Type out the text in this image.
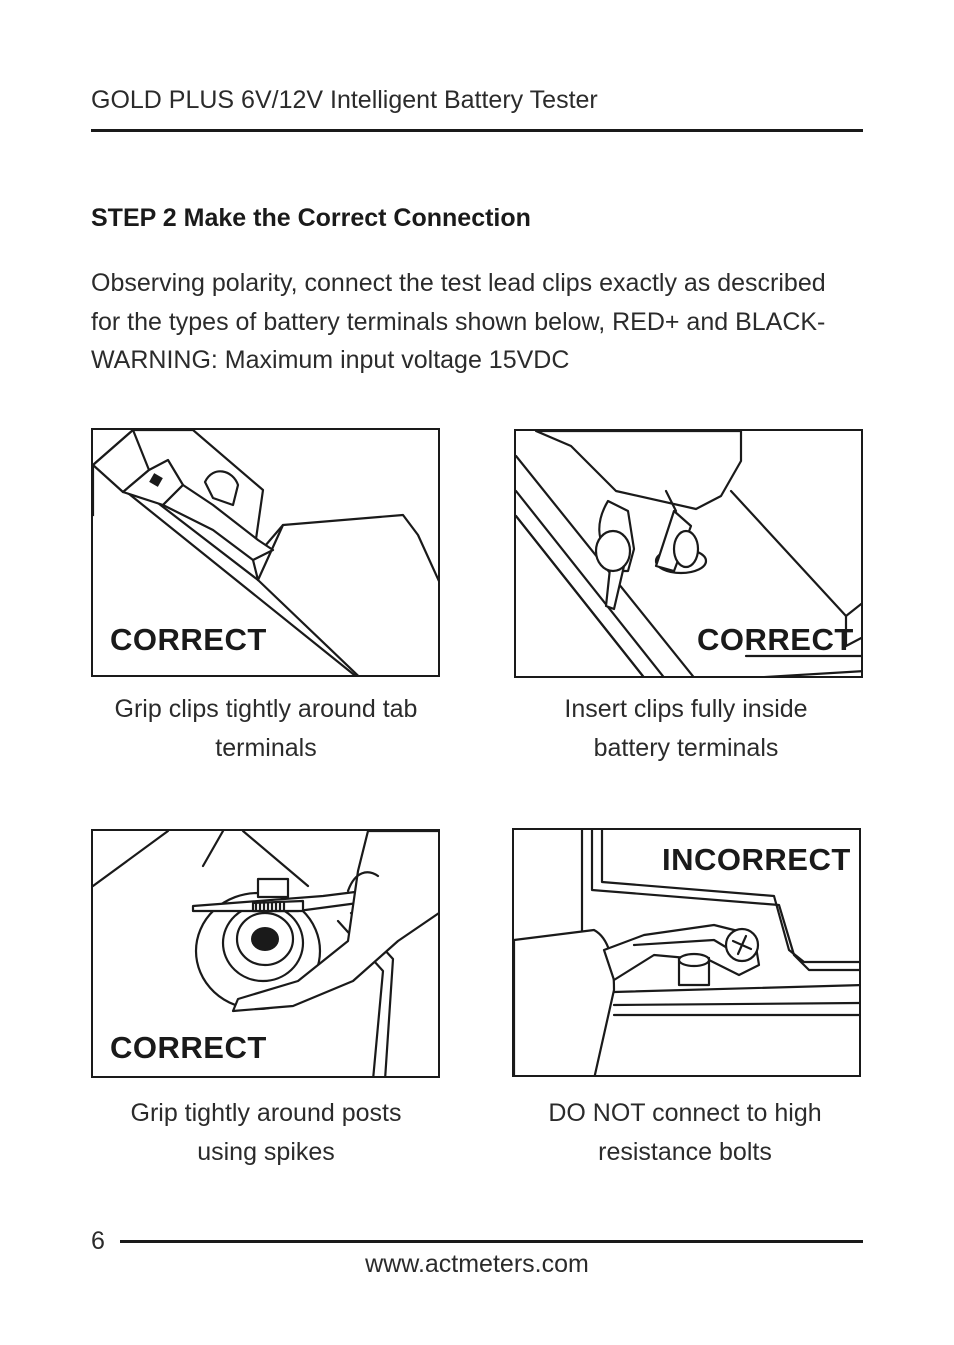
GOLD PLUS 6V/12V Intelligent Battery Tester
STEP 2 Make the Correct Connection
Observing polarity, connect the test lead clips exactly as described
for the types of battery terminals shown below, RED+ and BLACK-
WARNING: Maximum input voltage 15VDC
CORRECT
Grip clips tightly around tab
terminals
CORRECT
Insert clips fully inside
battery terminals
CORRECT
Grip tightly around posts
using spikes
INCORRECT
DO NOT connect to high
resistance bolts
6
www.actmeters.com
